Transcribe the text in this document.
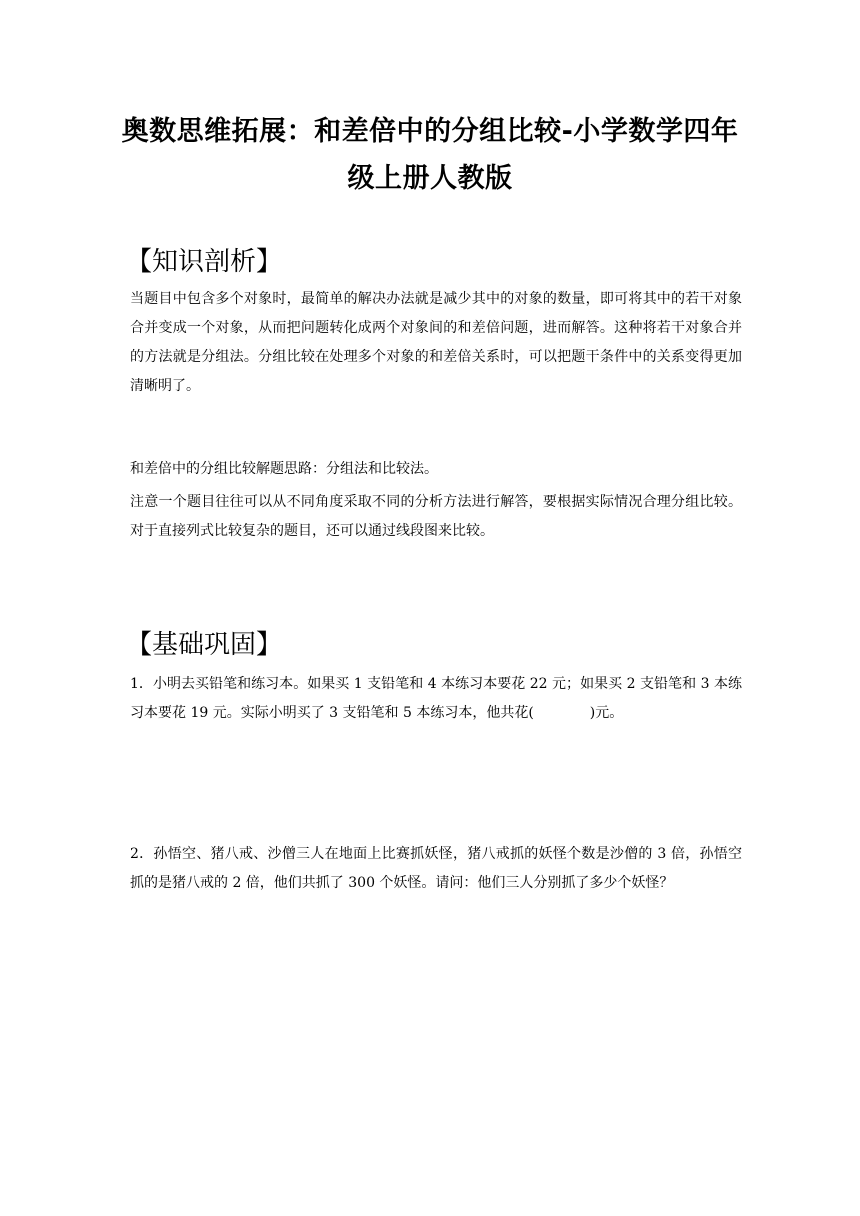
奥数思维拓展：和差倍中的分组比较-小学数学四年
级上册人教版
【知识剖析】

当题目中包含多个对象时，最简单的解决办法就是减少其中的对象的数量，即可将其中的若干对象合并变成一个对象，从而把问题转化成两个对象间的和差倍问题，进而解答。这种将若干对象合并的方法就是分组法。分组比较在处理多个对象的和差倍关系时，可以把题干条件中的关系变得更加清晰明了。

和差倍中的分组比较解题思路：分组法和比较法。

注意一个题目往往可以从不同角度采取不同的分析方法进行解答，要根据实际情况合理分组比较。对于直接列式比较复杂的题目，还可以通过线段图来比较。

【基础巩固】

1．小明去买铅笔和练习本。如果买 1 支铅笔和 4 本练习本要花 22 元；如果买 2 支铅笔和 3 本练习本要花 19 元。实际小明买了 3 支铅笔和 5 本练习本，他共花(	)元。

2．孙悟空、猪八戒、沙僧三人在地面上比赛抓妖怪，猪八戒抓的妖怪个数是沙僧的 3 倍，孙悟空抓的是猪八戒的 2 倍，他们共抓了 300 个妖怪。请问：他们三人分别抓了多少个妖怪？
